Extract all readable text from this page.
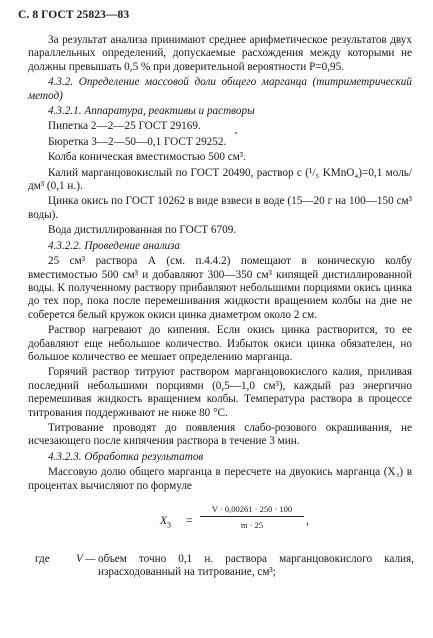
С. 8 ГОСТ 25823—83

За результат анализа принимают среднее арифметическое результатов двух параллельных определений, допускаемые расхождения между которыми не должны превышать 0,5 % при доверительной вероятности Р=0,95.

4.3.2. Определение массовой доли общего марганца (титриметрический метод)

4.3.2.1. Аппаратура, реактивы и растворы

Пипетка 2—2—25 ГОСТ 29169.

Бюретка 3—2—50—0,1 ГОСТ 29252.

Колба коническая вместимостью 500 см³.

Калий марганцовокислый по ГОСТ 20490, раствор с (¹/₅ KMnO₄)=0,1 моль/дм³ (0,1 н.).

Цинка окись по ГОСТ 10262 в виде взвеси в воде (15—20 г на 100—150 см³ воды).

Вода дистиллированная по ГОСТ 6709.

4.3.2.2. Проведение анализа

25 см³ раствора А (см. п.4.4.2) помещают в коническую колбу вместимостью 500 см³ и добавляют 300—350 см³ кипящей дистиллированной воды. К полученному раствору прибавляют небольшими порциями окись цинка до тех пор, пока после перемешивания жидкости вращением колбы на дне не соберется белый кружок окиси цинка диаметром около 2 см.

Раствор нагревают до кипения. Если окись цинка растворится, то ее добавляют еще небольшое количество. Избыток окиси цинка обязателен, но большое количество ее мешает определению марганца.

Горячий раствор титруют раствором марганцовокислого калия, приливая последний небольшими порциями (0,5—1,0 см³), каждый раз энергично перемешивая жидкость вращением колбы. Температура раствора в процессе титрования поддерживают не ниже 80 °С.

Титрование проводят до появления слабо-розового окрашивания, не исчезающего после кипячения раствора в течение 3 мин.

4.3.2.3. Обработка результатов

Массовую долю общего марганца в пересчете на двуокись марганца (Х₃) в процентах вычисляют по формуле

$X_3$ =
V · 0,00261 · 250 · 100
m · 25	,
где V — объем точно 0,1 н. раствора марганцовокислого калия, израсходованный на титрование, см³;
